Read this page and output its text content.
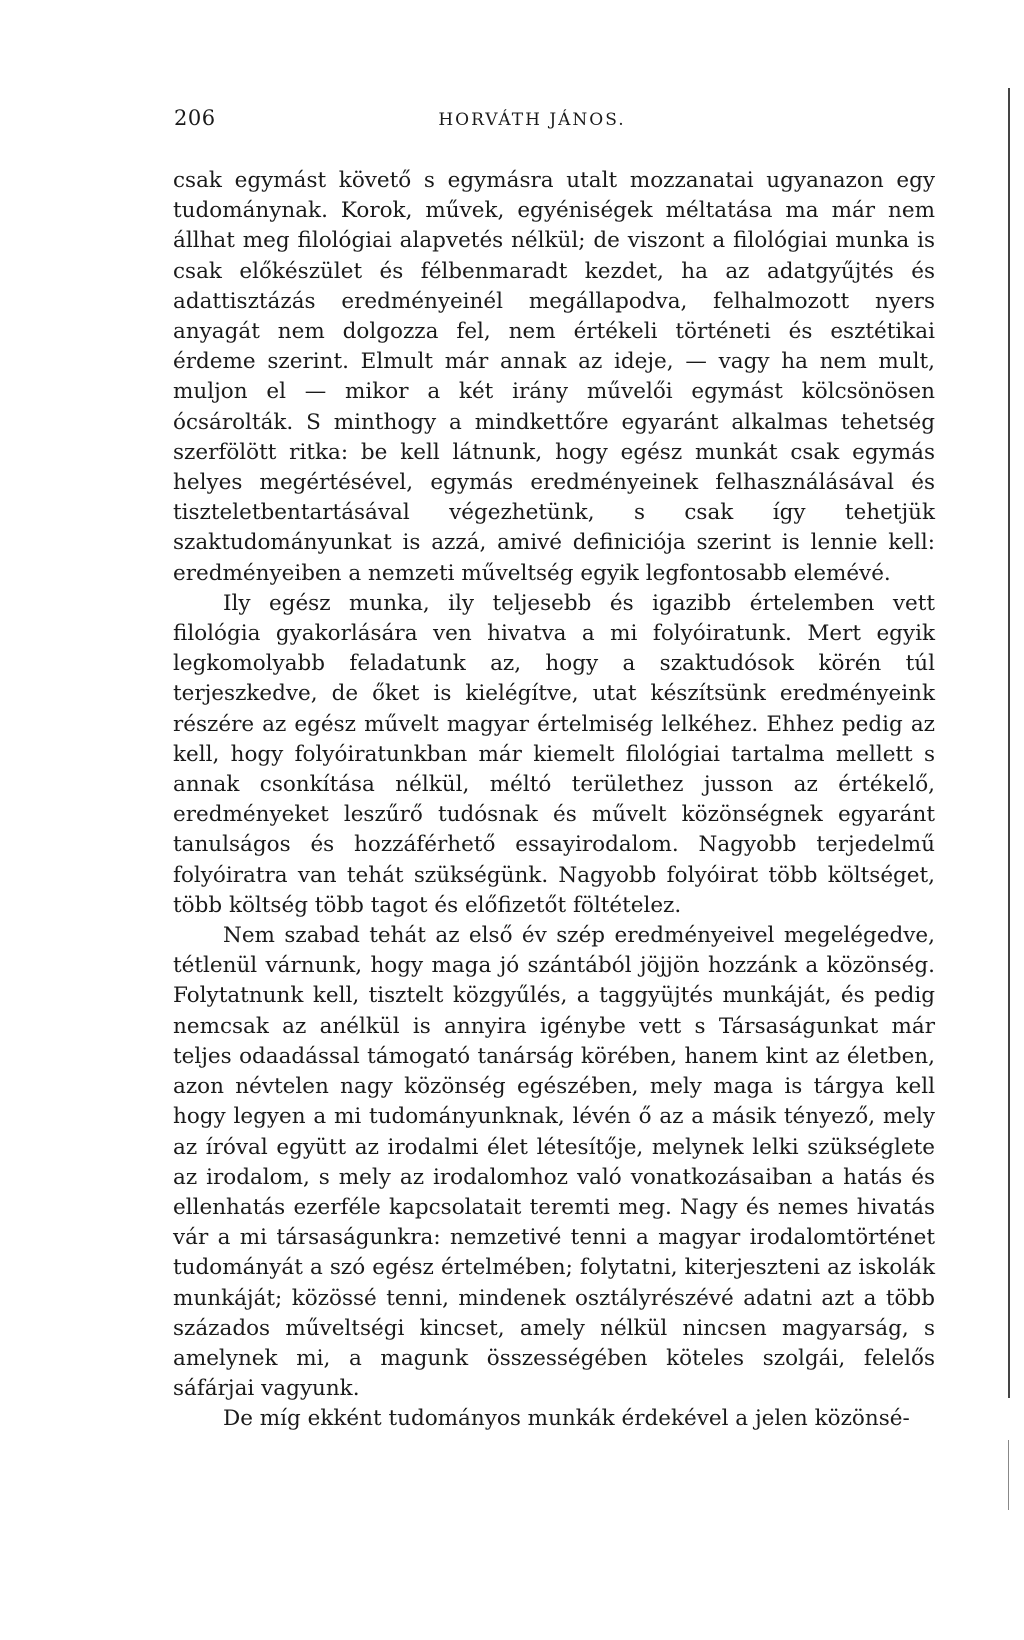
206	HORVÁTH JÁNOS.

csak egymást követő s egymásra utalt mozzanatai ugyanazon egy tudománynak. Korok, művek, egyéniségek méltatása ma már nem állhat meg filológiai alapvetés nélkül; de viszont a filológiai munka is csak előkészület és félbenmaradt kezdet, ha az adatgyűjtés és adattisztázás eredményeinél megállapodva, felhalmozott nyers anyagát nem dolgozza fel, nem értékeli történeti és esztétikai érdeme szerint. Elmult már annak az ideje, — vagy ha nem mult, muljon el — mikor a két irány művelői egymást kölcsönösen ócsárolták. S minthogy a mindkettőre egyaránt alkalmas tehetség szerfölött ritka: be kell látnunk, hogy egész munkát csak egymás helyes megértésével, egymás eredményeinek felhasználásával és tiszteletbentartásával végezhetünk, s csak így tehetjük szaktudományunkat is azzá, amivé definiciója szerint is lennie kell: eredményeiben a nemzeti műveltség egyik legfontosabb elemévé.

Ily egész munka, ily teljesebb és igazibb értelemben vett filológia gyakorlására ven hivatva a mi folyóiratunk. Mert egyik legkomolyabb feladatunk az, hogy a szaktudósok körén túl terjeszkedve, de őket is kielégítve, utat készítsünk eredményeink részére az egész művelt magyar értelmiség lelkéhez. Ehhez pedig az kell, hogy folyóiratunkban már kiemelt filológiai tartalma mellett s annak csonkítása nélkül, méltó területhez jusson az értékelő, eredményeket leszűrő tudósnak és művelt közönségnek egyaránt tanulságos és hozzáférhető essayirodalom. Nagyobb terjedelmű folyóiratra van tehát szükségünk. Nagyobb folyóirat több költséget, több költség több tagot és előfizetőt föltételez.

Nem szabad tehát az első év szép eredményeivel megelégedve, tétlenül várnunk, hogy maga jó szántából jöjjön hozzánk a közönség. Folytatnunk kell, tisztelt közgyűlés, a taggyüjtés munkáját, és pedig nemcsak az anélkül is annyira igénybe vett s Társaságunkat már teljes odaadással támogató tanárság körében, hanem kint az életben, azon névtelen nagy közönség egészében, mely maga is tárgya kell hogy legyen a mi tudományunknak, lévén ő az a másik tényező, mely az íróval együtt az irodalmi élet létesítője, melynek lelki szükséglete az irodalom, s mely az irodalomhoz való vonatkozásaiban a hatás és ellenhatás ezerféle kapcsolatait teremti meg. Nagy és nemes hivatás vár a mi társaságunkra: nemzetivé tenni a magyar irodalomtörténet tudományát a szó egész értelmében; folytatni, kiterjeszteni az iskolák munkáját; közössé tenni, mindenek osztályrészévé adatni azt a több százados műveltségi kincset, amely nélkül nincsen magyarság, s amelynek mi, a magunk összességében köteles szolgái, felelős sáfárjai vagyunk.

De míg ekként tudományos munkák érdekével a jelen közönsé-
